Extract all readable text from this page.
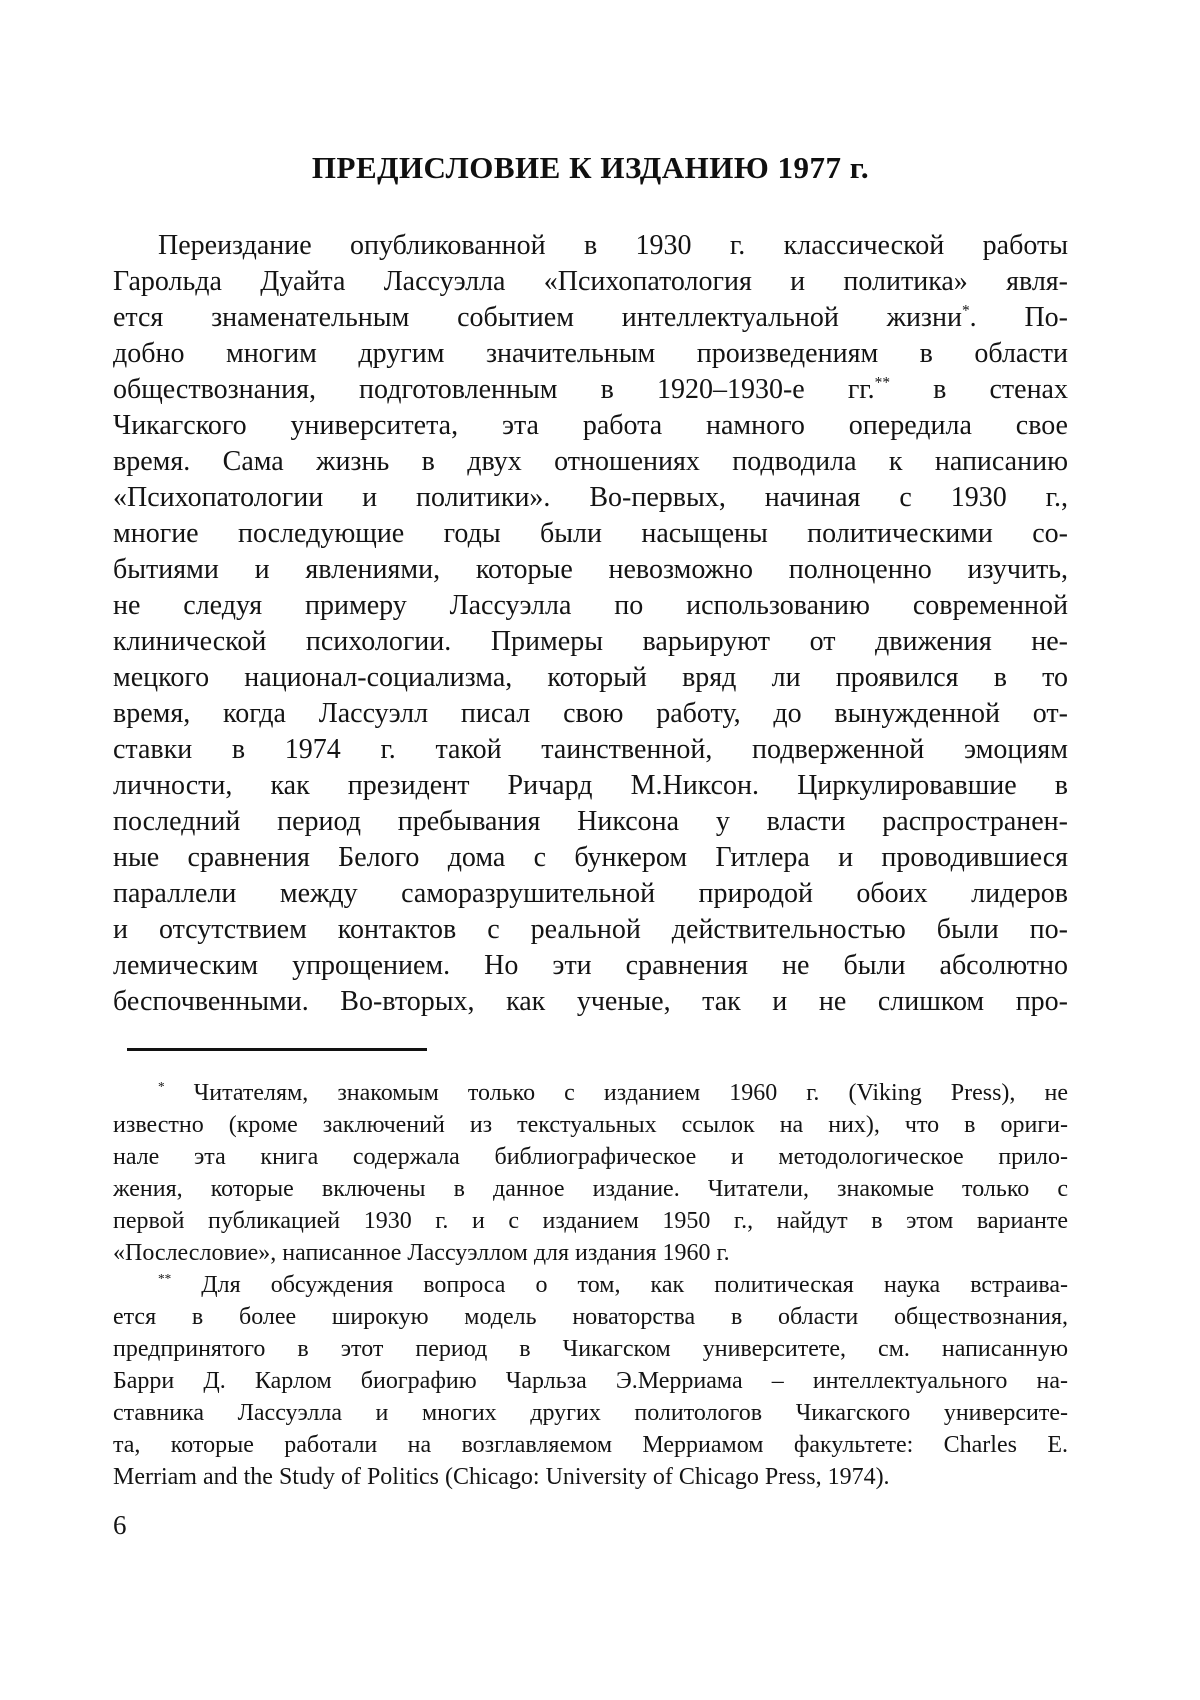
ПРЕДИСЛОВИЕ К ИЗДАНИЮ 1977 г.
Переиздание опубликованной в 1930 г. классической работы
Гарольда Дуайта Лассуэлла «Психопатология и политика» явля-
ется знаменательным событием интеллектуальной жизни*. По-
добно многим другим значительным произведениям в области
обществознания, подготовленным в 1920–1930-е гг.** в стенах
Чикагского университета, эта работа намного опередила свое
время. Сама жизнь в двух отношениях подводила к написанию
«Психопатологии и политики». Во-первых, начиная с 1930 г.,
многие последующие годы были насыщены политическими со-
бытиями и явлениями, которые невозможно полноценно изучить,
не следуя примеру Лассуэлла по использованию современной
клинической психологии. Примеры варьируют от движения не-
мецкого национал-социализма, который вряд ли проявился в то
время, когда Лассуэлл писал свою работу, до вынужденной от-
ставки в 1974 г. такой таинственной, подверженной эмоциям
личности, как президент Ричард М.Никсон. Циркулировавшие в
последний период пребывания Никсона у власти распространен-
ные сравнения Белого дома с бункером Гитлера и проводившиеся
параллели между саморазрушительной природой обоих лидеров
и отсутствием контактов с реальной действительностью были по-
лемическим упрощением. Но эти сравнения не были абсолютно
беспочвенными. Во-вторых, как ученые, так и не слишком про-
* Читателям, знакомым только с изданием 1960 г. (Viking Press), не
известно (кроме заключений из текстуальных ссылок на них), что в ориги-
нале эта книга содержала библиографическое и методологическое прило-
жения, которые включены в данное издание. Читатели, знакомые только с
первой публикацией 1930 г. и с изданием 1950 г., найдут в этом варианте
«Послесловие», написанное Лассуэллом для издания 1960 г.
** Для обсуждения вопроса о том, как политическая наука встраива-
ется в более широкую модель новаторства в области обществознания,
предпринятого в этот период в Чикагском университете, см. написанную
Барри Д. Карлом биографию Чарльза Э.Мерриама – интеллектуального на-
ставника Лассуэлла и многих других политологов Чикагского университе-
та, которые работали на возглавляемом Мерриамом факультете: Charles E.
Merriam and the Study of Politics (Chicago: University of Chicago Press, 1974).
6
